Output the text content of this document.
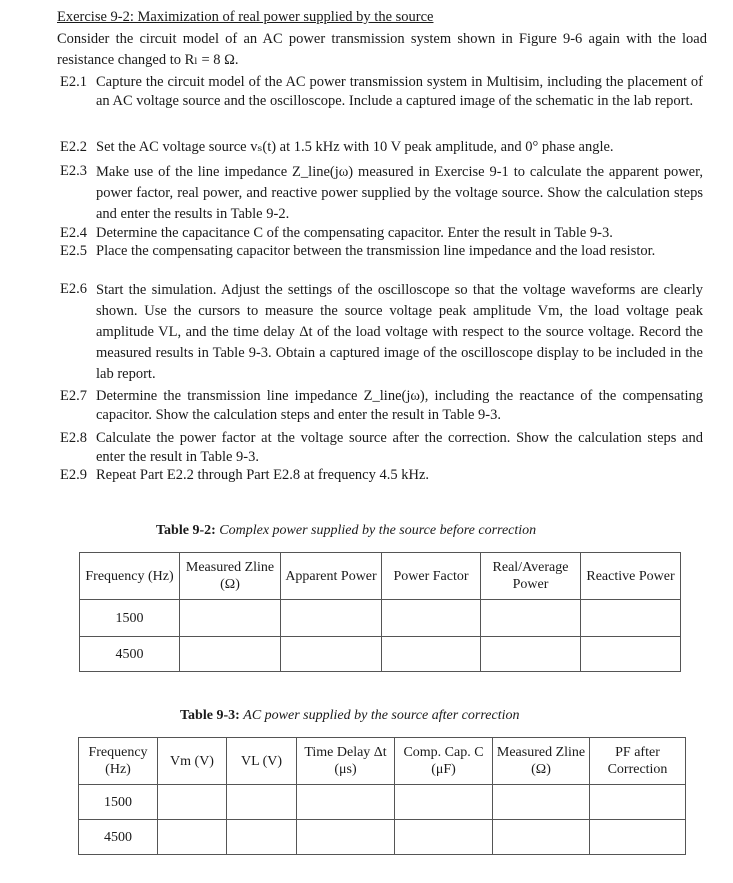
Exercise 9-2: Maximization of real power supplied by the source
Consider the circuit model of an AC power transmission system shown in Figure 9-6 again with the load resistance changed to Rₗ = 8 Ω.
E2.1 Capture the circuit model of the AC power transmission system in Multisim, including the placement of an AC voltage source and the oscilloscope. Include a captured image of the schematic in the lab report.
E2.2 Set the AC voltage source vₛ(t) at 1.5 kHz with 10 V peak amplitude, and 0° phase angle.
E2.3 Make use of the line impedance Z_line(jω) measured in Exercise 9-1 to calculate the apparent power, power factor, real power, and reactive power supplied by the voltage source. Show the calculation steps and enter the results in Table 9-2.
E2.4 Determine the capacitance C of the compensating capacitor. Enter the result in Table 9-3.
E2.5 Place the compensating capacitor between the transmission line impedance and the load resistor.
E2.6 Start the simulation. Adjust the settings of the oscilloscope so that the voltage waveforms are clearly shown. Use the cursors to measure the source voltage peak amplitude Vm, the load voltage peak amplitude VL, and the time delay Δt of the load voltage with respect to the source voltage. Record the measured results in Table 9-3. Obtain a captured image of the oscilloscope display to be included in the lab report.
E2.7 Determine the transmission line impedance Z_line(jω), including the reactance of the compensating capacitor. Show the calculation steps and enter the result in Table 9-3.
E2.8 Calculate the power factor at the voltage source after the correction. Show the calculation steps and enter the result in Table 9-3.
E2.9 Repeat Part E2.2 through Part E2.8 at frequency 4.5 kHz.
Table 9-2: Complex power supplied by the source before correction
Frequency (Hz)	Measured Zline (Ω)	Apparent Power	Power Factor	Real/Average Power	Reactive Power
1500					
4500					
Table 9-3: AC power supplied by the source after correction
Frequency (Hz)	Vm (V)	VL (V)	Time Delay Δt (μs)	Comp. Cap. C (μF)	Measured Zline (Ω)	PF after Correction
1500						
4500						
